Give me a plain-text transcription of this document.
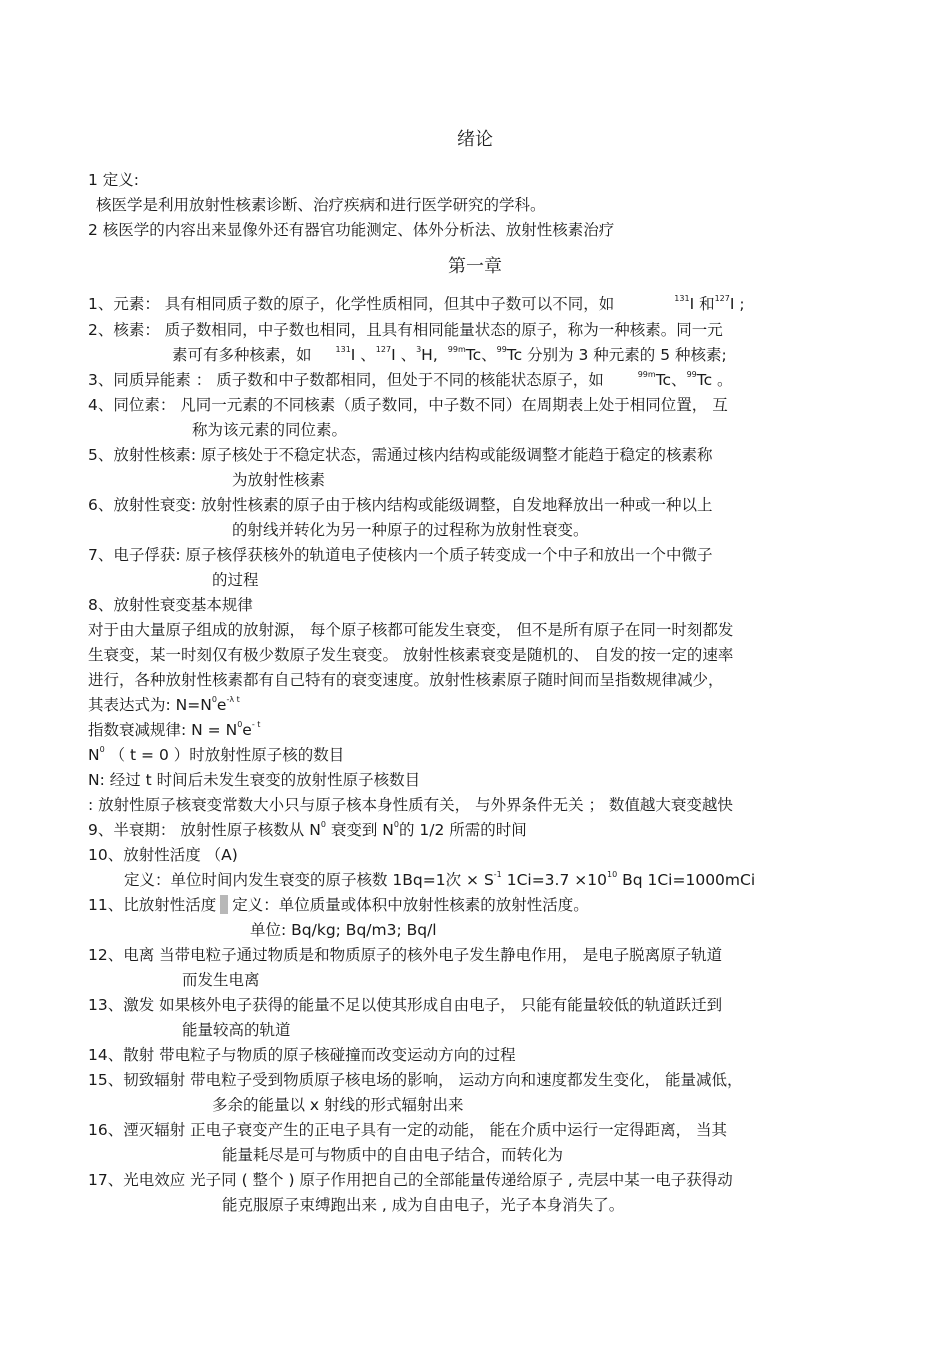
绪论
1 定义:
核医学是利用放射性核素诊断、治疗疾病和进行医学研究的学科。
2 核医学的内容出来显像外还有器官功能测定、体外分析法、放射性核素治疗
第一章
1、元素： 具有相同质子数的原子，化学性质相同，但其中子数可以不同，如	$^{131}$I 和$^{127}$I ;
2、核素： 质子数相同，中子数也相同，且具有相同能量状态的原子，称为一种核素。同一元
素可有多种核素，如	$^{131}$I 、$^{127}$I 、$^3$H, $^{99m}$Tc、$^{99}$Tc 分别为 3 种元素的 5 种核素;
3、同质异能素 ： 质子数和中子数都相同，但处于不同的核能状态原子，如	$^{99m}$Tc、$^{99}$Tc 。
4、同位素： 凡同一元素的不同核素（质子数同，中子数不同）在周期表上处于相同位置， 互
称为该元素的同位素。
5、放射性核素: 原子核处于不稳定状态，需通过核内结构或能级调整才能趋于稳定的核素称
为放射性核素
6、放射性衰变: 放射性核素的原子由于核内结构或能级调整，自发地释放出一种或一种以上
的射线并转化为另一种原子的过程称为放射性衰变。
7、电子俘获: 原子核俘获核外的轨道电子使核内一个质子转变成一个中子和放出一个中微子
的过程
8、放射性衰变基本规律
对于由大量原子组成的放射源， 每个原子核都可能发生衰变， 但不是所有原子在同一时刻都发
生衰变，某一时刻仅有极少数原子发生衰变。 放射性核素衰变是随机的、 自发的按一定的速率
进行，各种放射性核素都有自己特有的衰变速度。放射性核素原子随时间而呈指数规律减少，
其表达式为: $N=N^0e^{-\lambda t}$
指数衰减规律: $N = N^0e^{- t}$
$N^0$ （ t = 0 ）时放射性原子核的数目
N: 经过 t 时间后未发生衰变的放射性原子核数目
: 放射性原子核衰变常数大小只与原子核本身性质有关， 与外界条件无关 ； 数值越大衰变越快
9、半衰期： 放射性原子核数从 $N^0$ 衰变到 $N^0$的 1/2 所需的时间
10、放射性活度 （A)
定义：单位时间内发生衰变的原子核数 1Bq=1次 × $S^{-1}$ $1Ci=3.7 \times 10^{10}$ Bq 1Ci=1000mCi
11、比放射性活度 定义：单位质量或体积中放射性核素的放射性活度。
单位: Bq/kg; Bq/m3; Bq/l
12、电离 当带电粒子通过物质是和物质原子的核外电子发生静电作用， 是电子脱离原子轨道
而发生电离
13、激发 如果核外电子获得的能量不足以使其形成自由电子， 只能有能量较低的轨道跃迁到
能量较高的轨道
14、散射 带电粒子与物质的原子核碰撞而改变运动方向的过程
15、韧致辐射 带电粒子受到物质原子核电场的影响， 运动方向和速度都发生变化， 能量减低，
多余的能量以 x 射线的形式辐射出来
16、湮灭辐射 正电子衰变产生的正电子具有一定的动能， 能在介质中运行一定得距离， 当其
能量耗尽是可与物质中的自由电子结合，而转化为
17、光电效应 光子同 ( 整个 ) 原子作用把自己的全部能量传递给原子 , 壳层中某一电子获得动
能克服原子束缚跑出来 , 成为自由电子，光子本身消失了。
